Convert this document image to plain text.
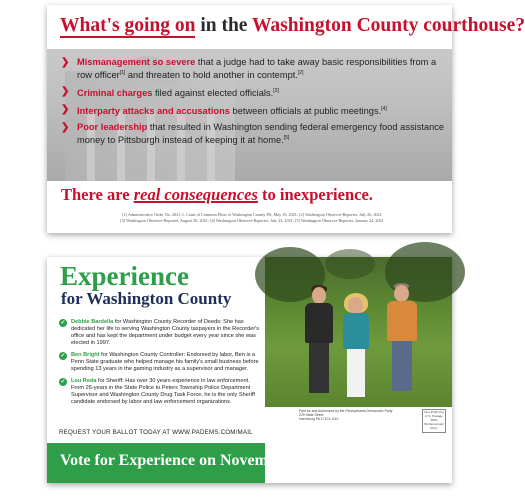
What's going on in the Washington County courthouse?
❯ Mismanagement so severe that a judge had to take away basic responsibilities from a row officer[1] and threaten to hold another in contempt.[2]
❯ Criminal charges filed against elected officials.[3]
❯ Interparty attacks and accusations between officials at public meetings.[4]
❯ Poor leadership that resulted in Washington sending federal emergency food assistance money to Pittsburgh instead of keeping it at home.[5]

There are real consequences to inexperience.

[1] Administrative Order No. 2021-1, Court of Common Pleas of Washington County PA, May 19, 2021; [2] Washington Observer-Reporter, July 26, 2021
[3] Washington Observer-Reporter, August 26, 2021; [4] Washington Observer-Reporter, July 23, 2021; [5] Washington Observer-Reporter, January 24, 2021
Experience
for Washington County
✓ Debbie Bardella for Washington County Recorder of Deeds: She has dedicated her life to serving Washington County taxpayers in the Recorder's office and has kept the department under budget every year since she was elected in 1997.
✓ Ben Bright for Washington County Controller: Endorsed by labor, Ben is a Penn State graduate who helped manage his family's small business before spending 13 years in the gaming industry as a supervisor and manager.
✓ Lou Reda for Sheriff: Has over 30 years experience in law enforcement. From 26-years in the State Police to Peters Township Police Department Supervisor and Washington County Drug Task Force, he is the only Sheriff candidate endorsed by labor and law enforcement organizations.
REQUEST YOUR BALLOT TODAY AT WWW.PADEMS.COM/MAIL
Paid for and Authorized by the Pennsylvania Democratic Party
229 State Street
Harrisburg PA 17101-1110
Non-Profit Org
U.S. Postage
PAID
PA Democratic Party
Vote for Experience on November 2
